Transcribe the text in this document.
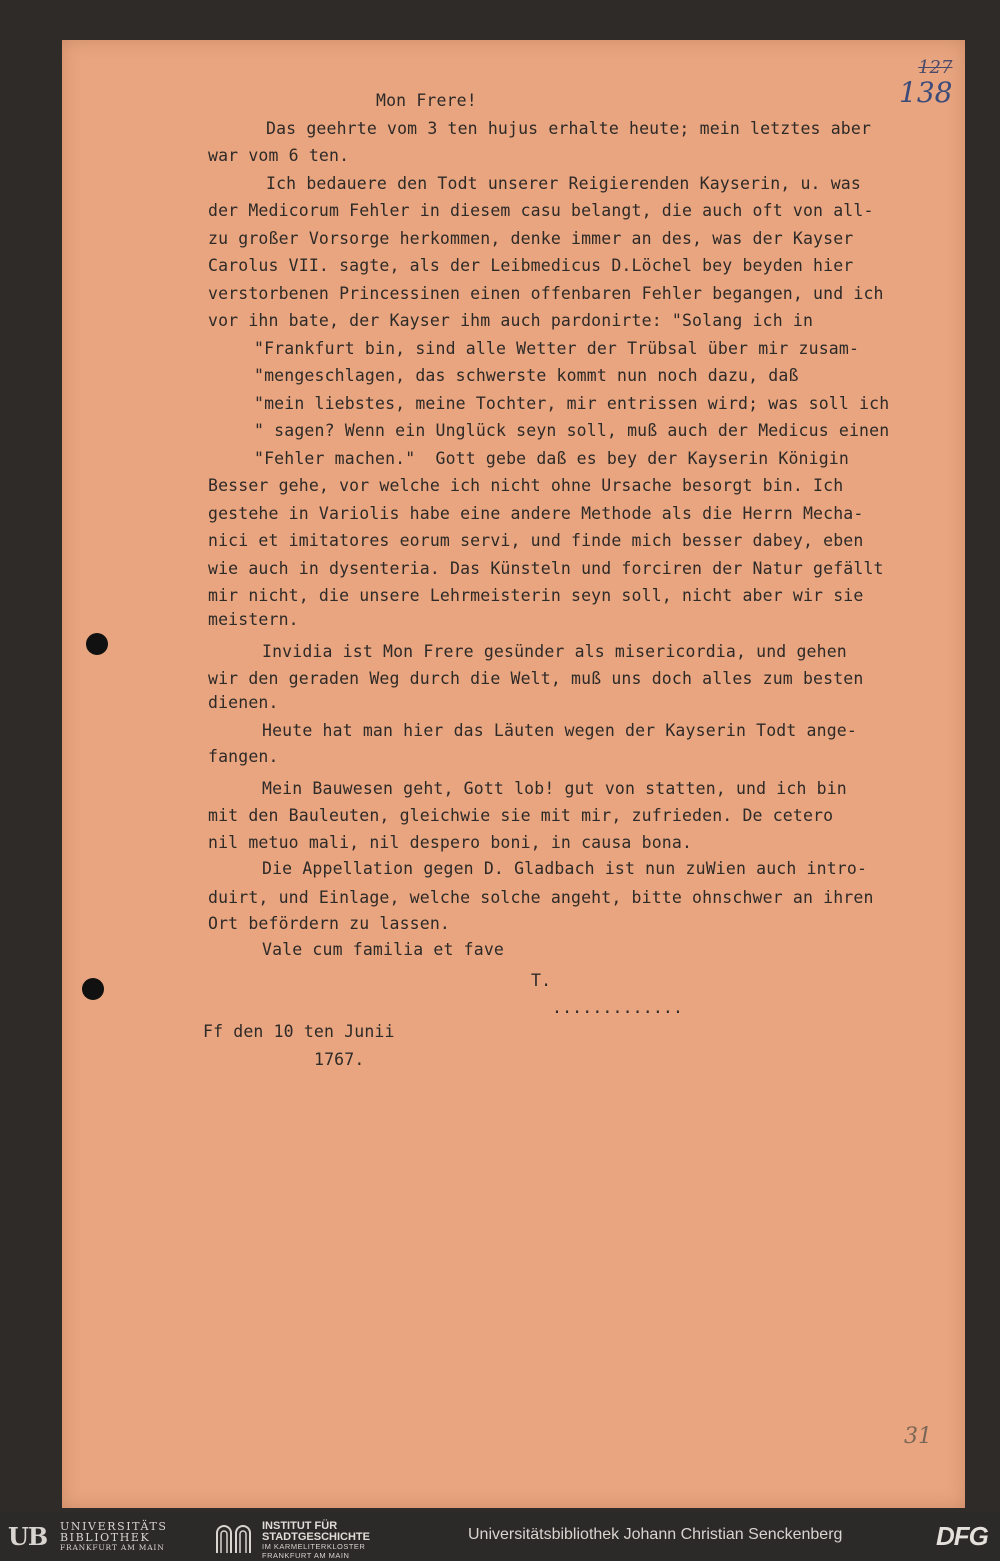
127
138
Mon Frere!
Das geehrte vom 3 ten hujus erhalte heute; mein letztes aber
war vom 6 ten.
Ich bedauere den Todt unserer Reigierenden Kayserin, u. was
der Medicorum Fehler in diesem casu belangt, die auch oft von all-
zu großer Vorsorge herkommen, denke immer an des, was der Kayser
Carolus VII. sagte, als der Leibmedicus D.Löchel bey beyden hier
verstorbenen Princessinen einen offenbaren Fehler begangen, und ich
vor ihn bate, der Kayser ihm auch pardonirte: "Solang ich in
"Frankfurt bin, sind alle Wetter der Trübsal über mir zusam-
"mengeschlagen, das schwerste kommt nun noch dazu, daß
"mein liebstes, meine Tochter, mir entrissen wird; was soll ich
" sagen? Wenn ein Unglück seyn soll, muß auch der Medicus einen
"Fehler machen."  Gott gebe daß es bey der Kayserin Königin
Besser gehe, vor welche ich nicht ohne Ursache besorgt bin. Ich
gestehe in Variolis habe eine andere Methode als die Herrn Mecha-
nici et imitatores eorum servi, und finde mich besser dabey, eben
wie auch in dysenteria. Das Künsteln und forciren der Natur gefällt
mir nicht, die unsere Lehrmeisterin seyn soll, nicht aber wir sie
meistern.
Invidia ist Mon Frere gesünder als misericordia, und gehen
wir den geraden Weg durch die Welt, muß uns doch alles zum besten
dienen.
Heute hat man hier das Läuten wegen der Kayserin Todt ange-
fangen.
Mein Bauwesen geht, Gott lob! gut von statten, und ich bin
mit den Bauleuten, gleichwie sie mit mir, zufrieden. De cetero
nil metuo mali, nil despero boni, in causa bona.
Die Appellation gegen D. Gladbach ist nun zuWien auch intro-
duirt, und Einlage, welche solche angeht, bitte ohnschwer an ihren
Ort befördern zu lassen.
Vale cum familia et fave
T.
.............
Ff den 10 ten Junii
1767.
31
UB	UNIVERSITÄTS
BIBLIOTHEK
FRANKFURT AM MAIN
INSTITUT FÜR
STADTGESCHICHTE
IM KARMELITERKLOSTER
FRANKFURT AM MAIN
Universitätsbibliothek Johann Christian Senckenberg	DFG
